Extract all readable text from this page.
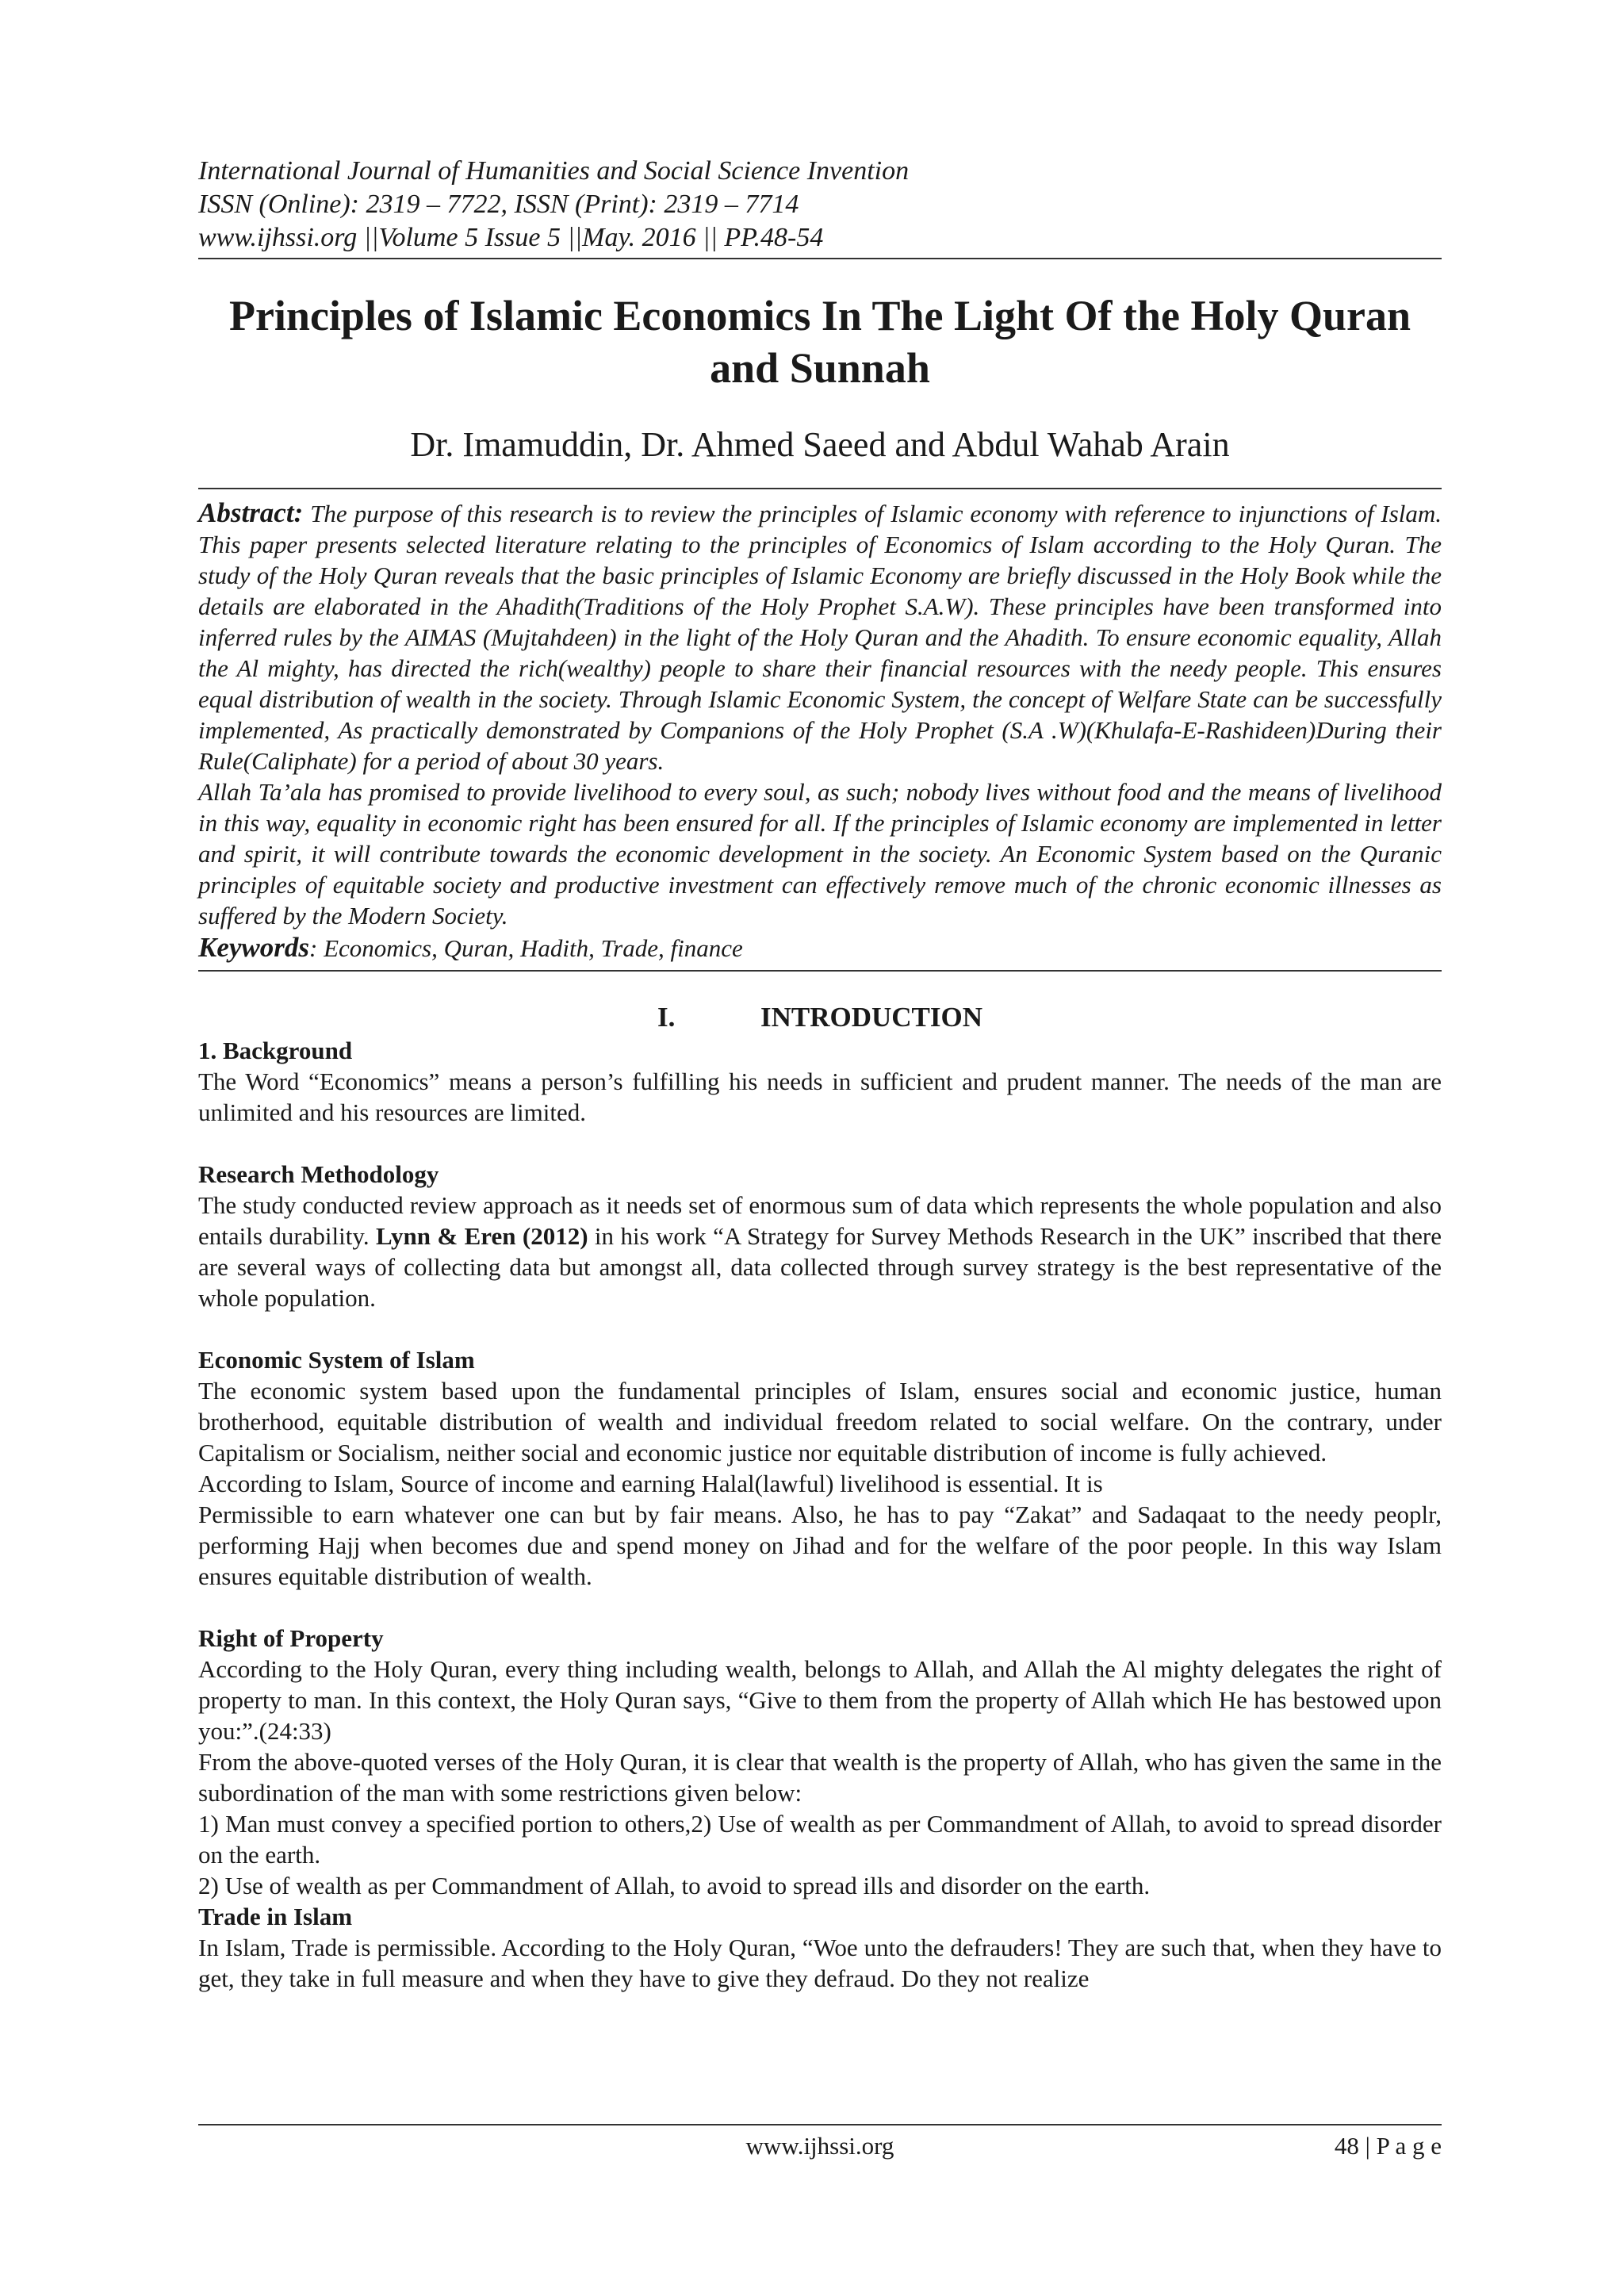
International Journal of Humanities and Social Science Invention
ISSN (Online): 2319 – 7722, ISSN (Print): 2319 – 7714
www.ijhssi.org ||Volume 5 Issue 5 ||May. 2016 || PP.48-54
Principles of Islamic Economics In The Light Of the Holy Quran
and Sunnah
Dr. Imamuddin, Dr. Ahmed Saeed and Abdul Wahab Arain

Abstract: The purpose of this research is to review the principles of Islamic economy with reference to injunctions of Islam. This paper presents selected literature relating to the principles of Economics of Islam according to the Holy Quran. The study of the Holy Quran reveals that the basic principles of Islamic Economy are briefly discussed in the Holy Book while the details are elaborated in the Ahadith(Traditions of the Holy Prophet S.A.W). These principles have been transformed into inferred rules by the AIMAS (Mujtahdeen) in the light of the Holy Quran and the Ahadith. To ensure economic equality, Allah the Al mighty, has directed the rich(wealthy) people to share their financial resources with the needy people. This ensures equal distribution of wealth in the society. Through Islamic Economic System, the concept of Welfare State can be successfully implemented, As practically demonstrated by Companions of the Holy Prophet (S.A .W)(Khulafa-E-Rashideen)During their Rule(Caliphate) for a period of about 30 years.

Allah Ta’ala has promised to provide livelihood to every soul, as such; nobody lives without food and the means of livelihood in this way, equality in economic right has been ensured for all. If the principles of Islamic economy are implemented in letter and spirit, it will contribute towards the economic development in the society. An Economic System based on the Quranic principles of equitable society and productive investment can effectively remove much of the chronic economic illnesses as suffered by the Modern Society.

Keywords: Economics, Quran, Hadith, Trade, finance
I.	INTRODUCTION

1. Background

The Word “Economics” means a person’s fulfilling his needs in sufficient and prudent manner. The needs of the man are unlimited and his resources are limited.

Research Methodology

The study conducted review approach as it needs set of enormous sum of data which represents the whole population and also entails durability. Lynn & Eren (2012) in his work “A Strategy for Survey Methods Research in the UK” inscribed that there are several ways of collecting data but amongst all, data collected through survey strategy is the best representative of the whole population.

Economic System of Islam

The economic system based upon the fundamental principles of Islam, ensures social and economic justice, human brotherhood, equitable distribution of wealth and individual freedom related to social welfare. On the contrary, under Capitalism or Socialism, neither social and economic justice nor equitable distribution of income is fully achieved.

According to Islam, Source of income and earning Halal(lawful) livelihood is essential. It is

Permissible to earn whatever one can but by fair means. Also, he has to pay “Zakat” and Sadaqaat to the needy peoplr, performing Hajj when becomes due and spend money on Jihad and for the welfare of the poor people. In this way Islam ensures equitable distribution of wealth.

Right of Property

According to the Holy Quran, every thing including wealth, belongs to Allah, and Allah the Al mighty delegates the right of property to man. In this context, the Holy Quran says, “Give to them from the property of Allah which He has bestowed upon you:”.(24:33)

From the above-quoted verses of the Holy Quran, it is clear that wealth is the property of Allah, who has given the same in the subordination of the man with some restrictions given below:

1) Man must convey a specified portion to others,2) Use of wealth as per Commandment of Allah, to avoid to spread disorder on the earth.

2) Use of wealth as per Commandment of Allah, to avoid to spread ills and disorder on the earth.

Trade in Islam

In Islam, Trade is permissible. According to the Holy Quran, “Woe unto the defrauders! They are such that, when they have to get, they take in full measure and when they have to give they defraud. Do they not realize

www.ijhssi.org	48 | P a g e
